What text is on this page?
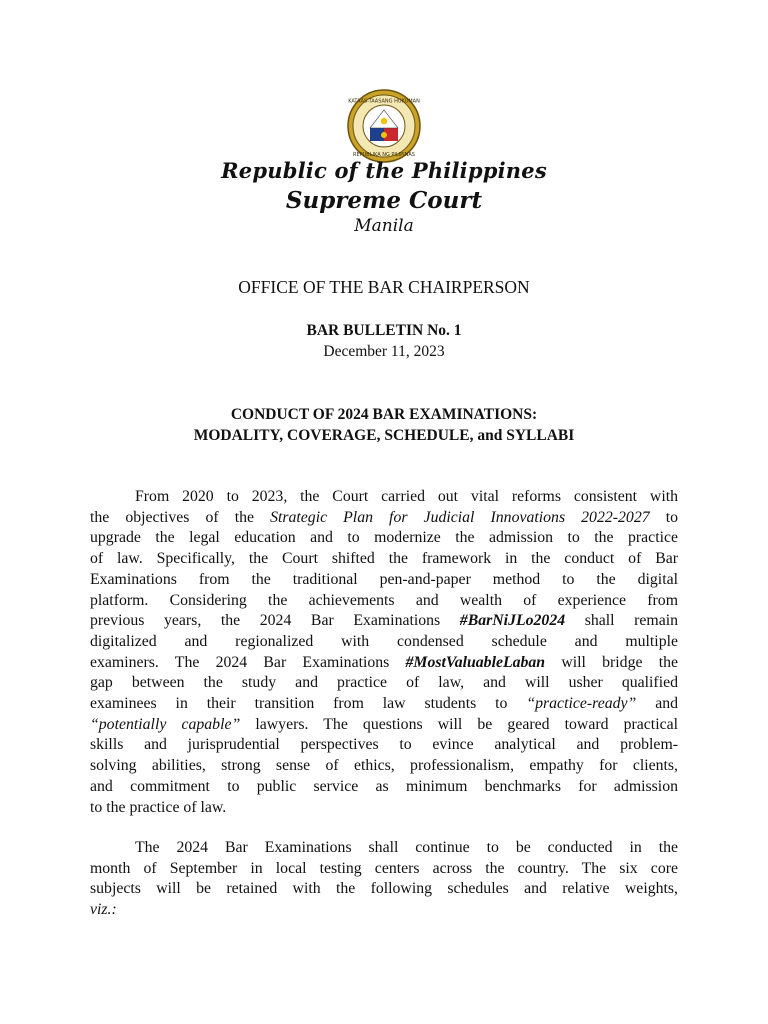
KATAAS-TAASANG HUKUMAN
REPUBLIKA NG PILIPINAS
Republic of the Philippines
Supreme Court
Manila
OFFICE OF THE BAR CHAIRPERSON
BAR BULLETIN No. 1
December 11, 2023
CONDUCT OF 2024 BAR EXAMINATIONS:
MODALITY, COVERAGE, SCHEDULE, and SYLLABI
From 2020 to 2023, the Court carried out vital reforms consistent with
the objectives of the Strategic Plan for Judicial Innovations 2022-2027 to
upgrade the legal education and to modernize the admission to the practice
of law. Specifically, the Court shifted the framework in the conduct of Bar
Examinations from the traditional pen-and-paper method to the digital
platform. Considering the achievements and wealth of experience from
previous years, the 2024 Bar Examinations #BarNiJLo2024 shall remain
digitalized and regionalized with condensed schedule and multiple
examiners. The 2024 Bar Examinations #MostValuableLaban will bridge the
gap between the study and practice of law, and will usher qualified
examinees in their transition from law students to “practice-ready” and
“potentially capable” lawyers. The questions will be geared toward practical
skills and jurisprudential perspectives to evince analytical and problem-
solving abilities, strong sense of ethics, professionalism, empathy for clients,
and commitment to public service as minimum benchmarks for admission
to the practice of law.
The 2024 Bar Examinations shall continue to be conducted in the
month of September in local testing centers across the country. The six core
subjects will be retained with the following schedules and relative weights,
viz.:
